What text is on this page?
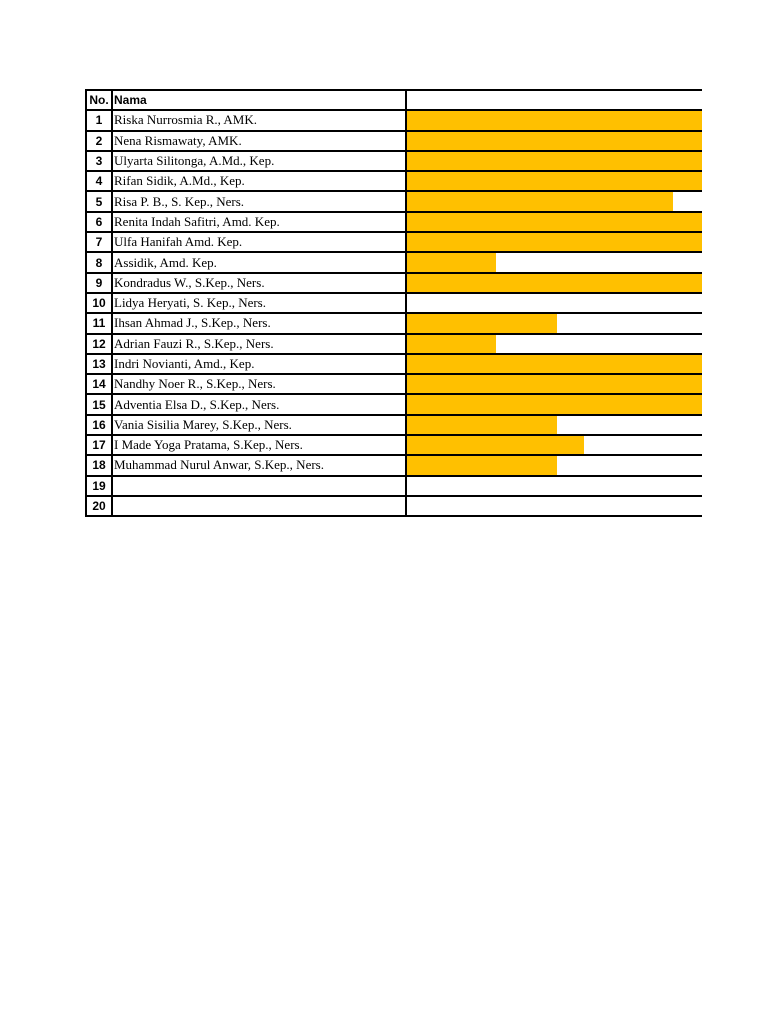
No.	Nama	
1	Riska Nurrosmia R., AMK.	

2	Nena Rismawaty, AMK.	

3	Ulyarta Silitonga, A.Md., Kep.	

4	Rifan Sidik, A.Md., Kep.	

5	Risa P. B., S. Kep., Ners.	

6	Renita Indah Safitri, Amd. Kep.	

7	Ulfa Hanifah Amd. Kep.	

8	Assidik, Amd. Kep.	

9	Kondradus W., S.Kep., Ners.	

10	Lidya Heryati, S. Kep., Ners.	

11	Ihsan Ahmad J., S.Kep., Ners.	

12	Adrian Fauzi R., S.Kep., Ners.	

13	Indri Novianti, Amd., Kep.	

14	Nandhy Noer R., S.Kep., Ners.	

15	Adventia Elsa D., S.Kep., Ners.	

16	Vania Sisilia Marey, S.Kep., Ners.	

17	I Made Yoga Pratama, S.Kep., Ners.	

18	Muhammad Nurul Anwar, S.Kep., Ners.	

19		

20		
